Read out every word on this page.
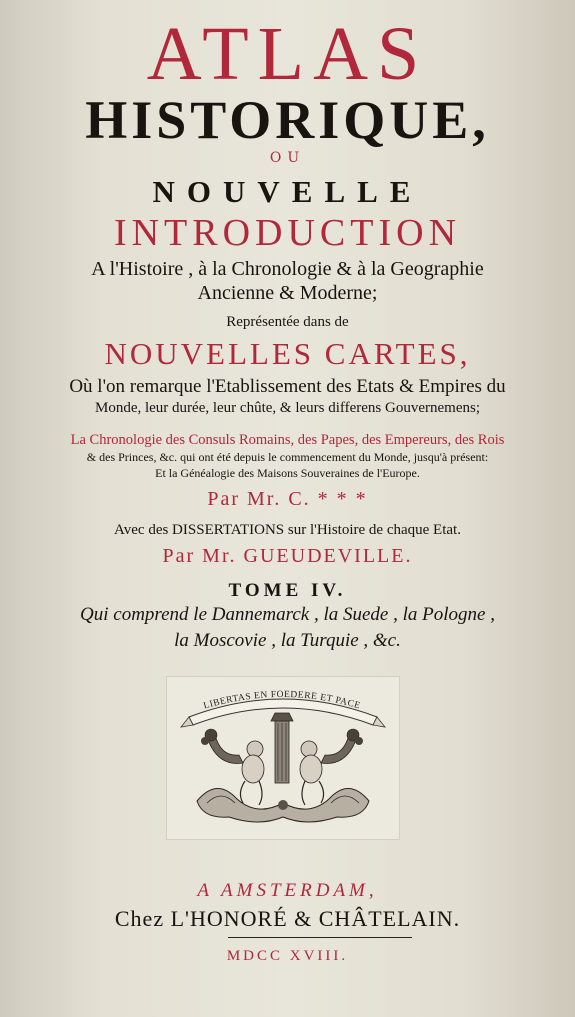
ATLAS
HISTORIQUE,
OU
NOUVELLE
INTRODUCTION
A l'Histoire , à la Chronologie & à la Geographie
Ancienne & Moderne;
Représentée dans de
NOUVELLES CARTES,
Où l'on remarque l'Etablissement des Etats & Empires du
Monde, leur durée, leur chûte, & leurs differens Gouvernemens;
La Chronologie des Consuls Romains, des Papes, des Empereurs, des Rois
& des Princes, &c. qui ont été depuis le commencement du Monde, jusqu'à présent:
Et la Généalogie des Maisons Souveraines de l'Europe.
Par Mr. C. * * *
Avec des DISSERTATIONS sur l'Histoire de chaque Etat.
Par Mr. GUEUDEVILLE.
TOME IV.
Qui comprend le Dannemarck , la Suede , la Pologne ,
la Moscovie , la Turquie , &c.
LIBERTAS EN FOEDERE ET PACE
A AMSTERDAM,
Chez L'HONORÉ & CHÂTELAIN.
MDCC XVIII.
